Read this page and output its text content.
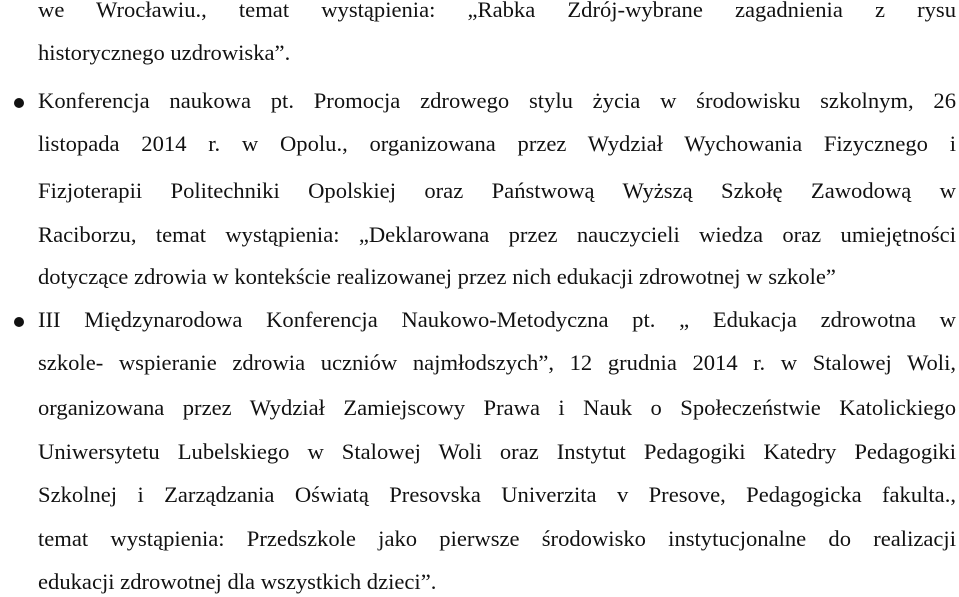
we Wrocławiu., temat wystąpienia: „Rabka Zdrój-wybrane zagadnienia z rysu
historycznego uzdrowiska”.
Konferencja naukowa pt. Promocja zdrowego stylu życia w środowisku szkolnym, 26
listopada 2014 r. w Opolu., organizowana przez Wydział Wychowania Fizycznego i
Fizjoterapii Politechniki Opolskiej oraz Państwową Wyższą Szkołę Zawodową w
Raciborzu, temat wystąpienia: „Deklarowana przez nauczycieli wiedza oraz umiejętności
dotyczące zdrowia w kontekście realizowanej przez nich edukacji zdrowotnej w szkole”
III Międzynarodowa Konferencja Naukowo-Metodyczna pt. „ Edukacja zdrowotna w
szkole- wspieranie zdrowia uczniów najmłodszych”, 12 grudnia 2014 r. w Stalowej Woli,
organizowana przez Wydział Zamiejscowy Prawa i Nauk o Społeczeństwie Katolickiego
Uniwersytetu Lubelskiego w Stalowej Woli oraz Instytut Pedagogiki Katedry Pedagogiki
Szkolnej i Zarządzania Oświatą Presovska Univerzita v Presove, Pedagogicka fakulta.,
temat wystąpienia: Przedszkole jako pierwsze środowisko instytucjonalne do realizacji
edukacji zdrowotnej dla wszystkich dzieci”.
